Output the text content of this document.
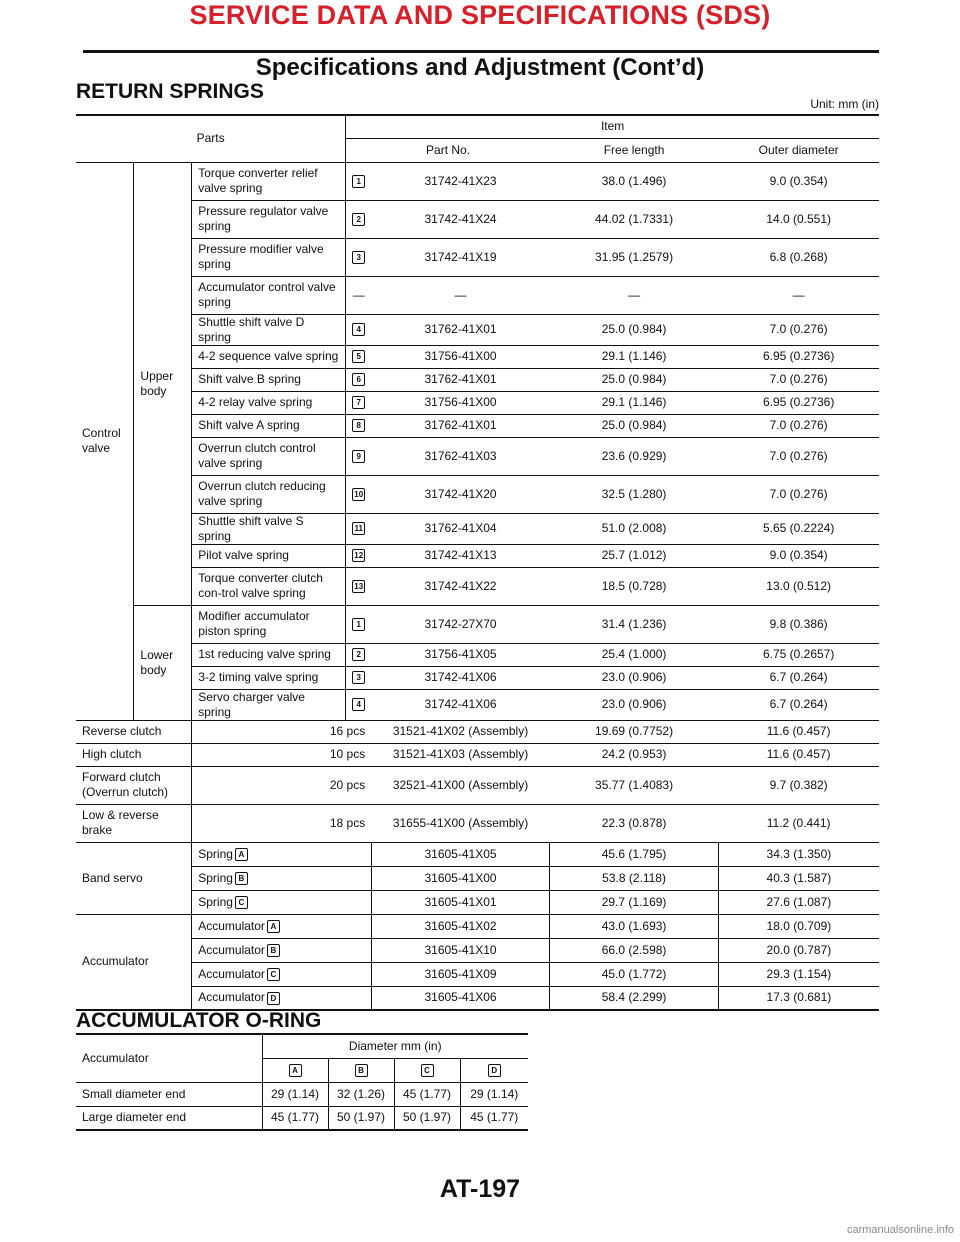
SERVICE DATA AND SPECIFICATIONS (SDS)
Specifications and Adjustment (Cont’d)
RETURN SPRINGS
Unit: mm (in)
Parts			Item			
			Part No.		Free length	Outer diameter
Control valve	Upper body	Torque converter relief valve spring	1	31742-41X23	38.0 (1.496)	9.0 (0.354)
		Pressure regulator valve spring	2	31742-41X24	44.02 (1.7331)	14.0 (0.551)
		Pressure modifier valve spring	3	31742-41X19	31.95 (1.2579)	6.8 (0.268)
		Accumulator control valve spring	—	—	—	—
		Shuttle shift valve D spring	4	31762-41X01	25.0 (0.984)	7.0 (0.276)
		4-2 sequence valve spring	5	31756-41X00	29.1 (1.146)	6.95 (0.2736)
		Shift valve B spring	6	31762-41X01	25.0 (0.984)	7.0 (0.276)
		4-2 relay valve spring	7	31756-41X00	29.1 (1.146)	6.95 (0.2736)
		Shift valve A spring	8	31762-41X01	25.0 (0.984)	7.0 (0.276)
		Overrun clutch control valve spring	9	31762-41X03	23.6 (0.929)	7.0 (0.276)
		Overrun clutch reducing valve spring	10	31742-41X20	32.5 (1.280)	7.0 (0.276)
		Shuttle shift valve S spring	11	31762-41X04	51.0 (2.008)	5.65 (0.2224)
		Pilot valve spring	12	31742-41X13	25.7 (1.012)	9.0 (0.354)
		Torque converter clutch con-trol valve spring	13	31742-41X22	18.5 (0.728)	13.0 (0.512)
	Lower body	Modifier accumulator piston spring	1	31742-27X70	31.4 (1.236)	9.8 (0.386)
		1st reducing valve spring	2	31756-41X05	25.4 (1.000)	6.75 (0.2657)
		3-2 timing valve spring	3	31742-41X06	23.0 (0.906)	6.7 (0.264)
		Servo charger valve spring	4	31742-41X06	23.0 (0.906)	6.7 (0.264)
Reverse clutch		16 pcs		31521-41X02 (Assembly)	19.69 (0.7752)	11.6 (0.457)
High clutch		10 pcs		31521-41X03 (Assembly)	24.2 (0.953)	11.6 (0.457)
Forward clutch (Overrun clutch)		20 pcs		32521-41X00 (Assembly)	35.77 (1.4083)	9.7 (0.382)
Low & reverse brake		18 pcs		31655-41X00 (Assembly)	22.3 (0.878)	11.2 (0.441)
Band servo		Spring A		31605-41X05	45.6 (1.795)	34.3 (1.350)
		Spring B		31605-41X00	53.8 (2.118)	40.3 (1.587)
		Spring C		31605-41X01	29.7 (1.169)	27.6 (1.087)
Accumulator		Accumulator A		31605-41X02	43.0 (1.693)	18.0 (0.709)
		Accumulator B		31605-41X10	66.0 (2.598)	20.0 (0.787)
		Accumulator C		31605-41X09	45.0 (1.772)	29.3 (1.154)
		Accumulator D		31605-41X06	58.4 (2.299)	17.3 (0.681)
ACCUMULATOR O-RING
Accumulator	Diameter mm (in)			
	A	B	C	D
Small diameter end	29 (1.14)	32 (1.26)	45 (1.77)	29 (1.14)
Large diameter end	45 (1.77)	50 (1.97)	50 (1.97)	45 (1.77)
AT-197
carmanualsonline.info
